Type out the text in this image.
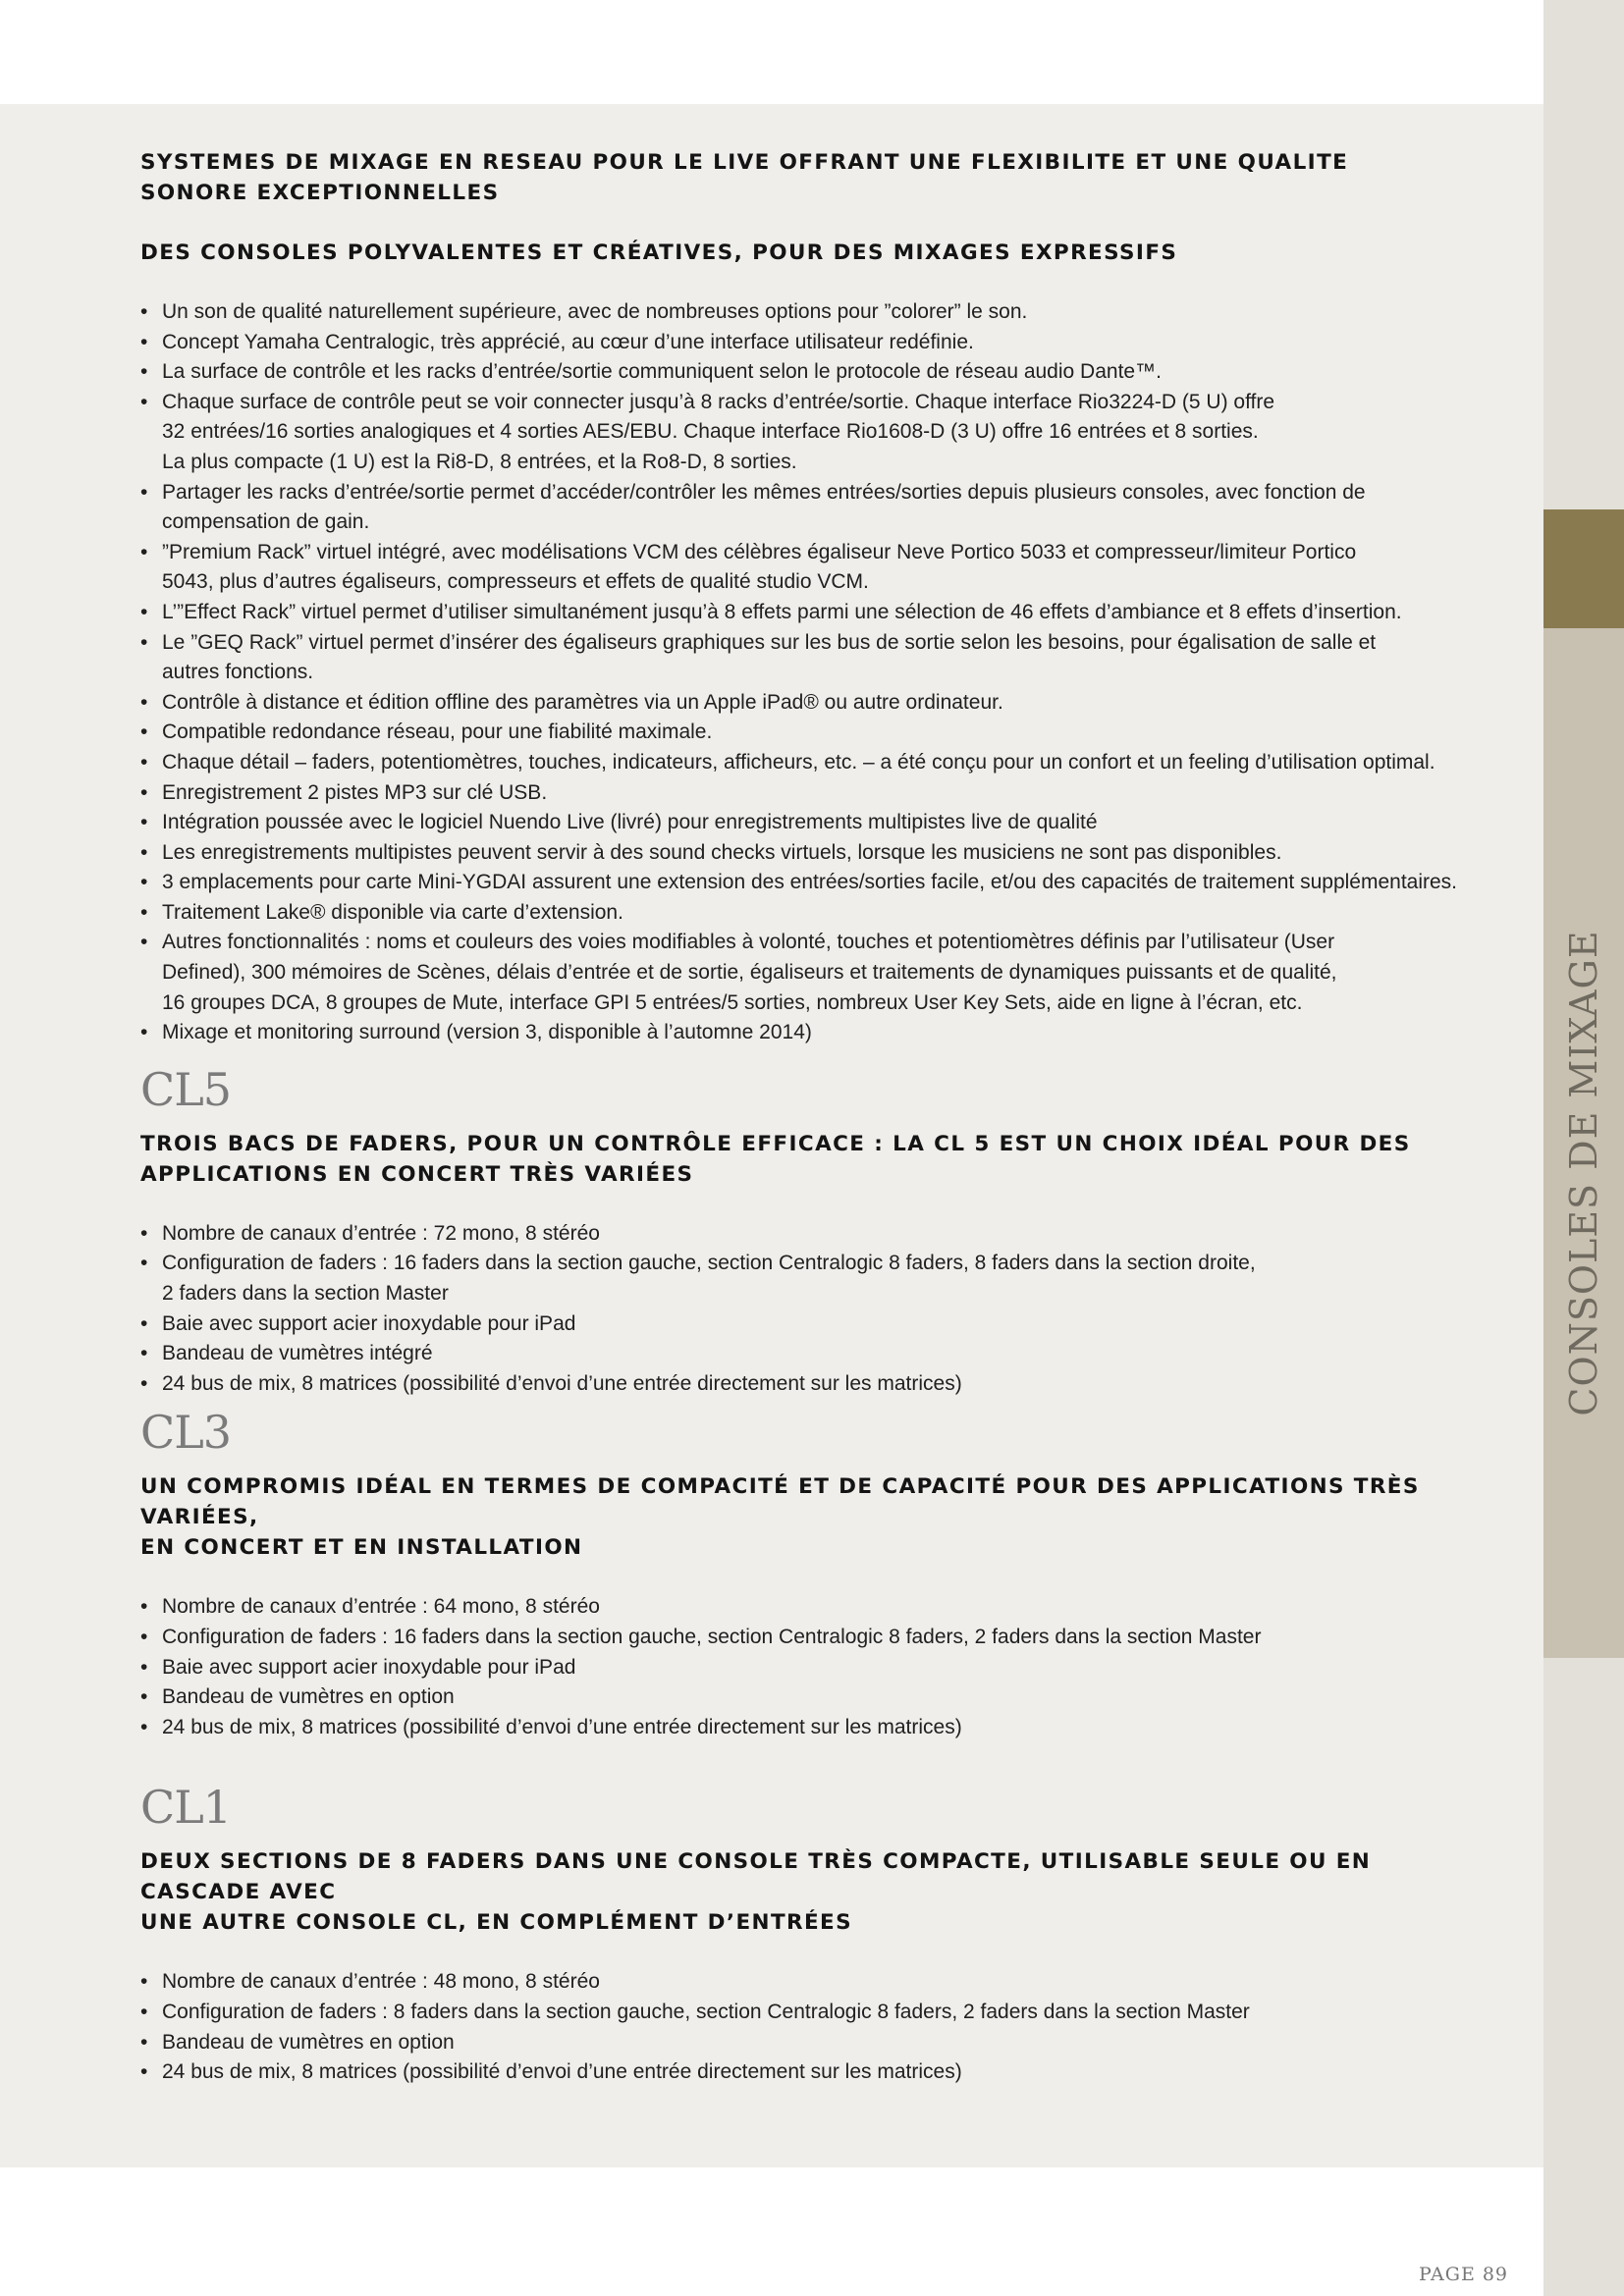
CONSOLES DE MIXAGE
SYSTEMES DE MIXAGE EN RESEAU POUR LE LIVE OFFRANT UNE FLEXIBILITE ET UNE QUALITE SONORE EXCEPTIONNELLES
DES CONSOLES POLYVALENTES ET CRÉATIVES, POUR DES MIXAGES EXPRESSIFS
• Un son de qualité naturellement supérieure, avec de nombreuses options pour ”colorer” le son.
• Concept Yamaha Centralogic, très apprécié, au cœur d’une interface utilisateur redéfinie.
• La surface de contrôle et les racks d’entrée/sortie communiquent selon le protocole de réseau audio Dante™.
• Chaque surface de contrôle peut se voir connecter jusqu’à 8 racks d’entrée/sortie. Chaque interface Rio3224-D (5 U) offre
32 entrées/16 sorties analogiques et 4 sorties AES/EBU. Chaque interface Rio1608-D (3 U) offre 16 entrées et 8 sorties.
La plus compacte (1 U) est la Ri8-D, 8 entrées, et la Ro8-D, 8 sorties.
• Partager les racks d’entrée/sortie permet d’accéder/contrôler les mêmes entrées/sorties depuis plusieurs consoles, avec fonction de
compensation de gain.
• ”Premium Rack” virtuel intégré, avec modélisations VCM des célèbres égaliseur Neve Portico 5033 et compresseur/limiteur Portico
5043, plus d’autres égaliseurs, compresseurs et effets de qualité studio VCM.
• L’”Effect Rack” virtuel permet d’utiliser simultanément jusqu’à 8 effets parmi une sélection de 46 effets d’ambiance et 8 effets d’insertion.
• Le ”GEQ Rack” virtuel permet d’insérer des égaliseurs graphiques sur les bus de sortie selon les besoins, pour égalisation de salle et
autres fonctions.
• Contrôle à distance et édition offline des paramètres via un Apple iPad® ou autre ordinateur.
• Compatible redondance réseau, pour une fiabilité maximale.
• Chaque détail – faders, potentiomètres, touches, indicateurs, afficheurs, etc. – a été conçu pour un confort et un feeling d’utilisation optimal.
• Enregistrement 2 pistes MP3 sur clé USB.
• Intégration poussée avec le logiciel Nuendo Live (livré) pour enregistrements multipistes live de qualité
• Les enregistrements multipistes peuvent servir à des sound checks virtuels, lorsque les musiciens ne sont pas disponibles.
• 3 emplacements pour carte Mini-YGDAI assurent une extension des entrées/sorties facile, et/ou des capacités de traitement supplémentaires.
• Traitement Lake® disponible via carte d’extension.
• Autres fonctionnalités : noms et couleurs des voies modifiables à volonté, touches et potentiomètres définis par l’utilisateur (User
Defined), 300 mémoires de Scènes, délais d’entrée et de sortie, égaliseurs et traitements de dynamiques puissants et de qualité,
16 groupes DCA, 8 groupes de Mute, interface GPI 5 entrées/5 sorties, nombreux User Key Sets, aide en ligne à l’écran, etc.
• Mixage et monitoring surround (version 3, disponible à l’automne 2014)
CL5
TROIS BACS DE FADERS, POUR UN CONTRÔLE EFFICACE : LA CL 5 EST UN CHOIX IDÉAL POUR DES
APPLICATIONS EN CONCERT TRÈS VARIÉES
• Nombre de canaux d’entrée : 72 mono, 8 stéréo
• Configuration de faders : 16 faders dans la section gauche, section Centralogic 8 faders, 8 faders dans la section droite,
2 faders dans la section Master
• Baie avec support acier inoxydable pour iPad
• Bandeau de vumètres intégré
• 24 bus de mix, 8 matrices (possibilité d’envoi d’une entrée directement sur les matrices)
CL3
UN COMPROMIS IDÉAL EN TERMES DE COMPACITÉ ET DE CAPACITÉ POUR DES APPLICATIONS TRÈS VARIÉES,
EN CONCERT ET EN INSTALLATION
• Nombre de canaux d’entrée : 64 mono, 8 stéréo
• Configuration de faders : 16 faders dans la section gauche, section Centralogic 8 faders, 2 faders dans la section Master
• Baie avec support acier inoxydable pour iPad
• Bandeau de vumètres en option
• 24 bus de mix, 8 matrices (possibilité d’envoi d’une entrée directement sur les matrices)
CL1
DEUX SECTIONS DE 8 FADERS DANS UNE CONSOLE TRÈS COMPACTE, UTILISABLE SEULE OU EN CASCADE AVEC
UNE AUTRE CONSOLE CL, EN COMPLÉMENT D’ENTRÉES
• Nombre de canaux d’entrée : 48 mono, 8 stéréo
• Configuration de faders : 8 faders dans la section gauche, section Centralogic 8 faders, 2 faders dans la section Master
• Bandeau de vumètres en option
• 24 bus de mix, 8 matrices (possibilité d’envoi d’une entrée directement sur les matrices)
PAGE 89
